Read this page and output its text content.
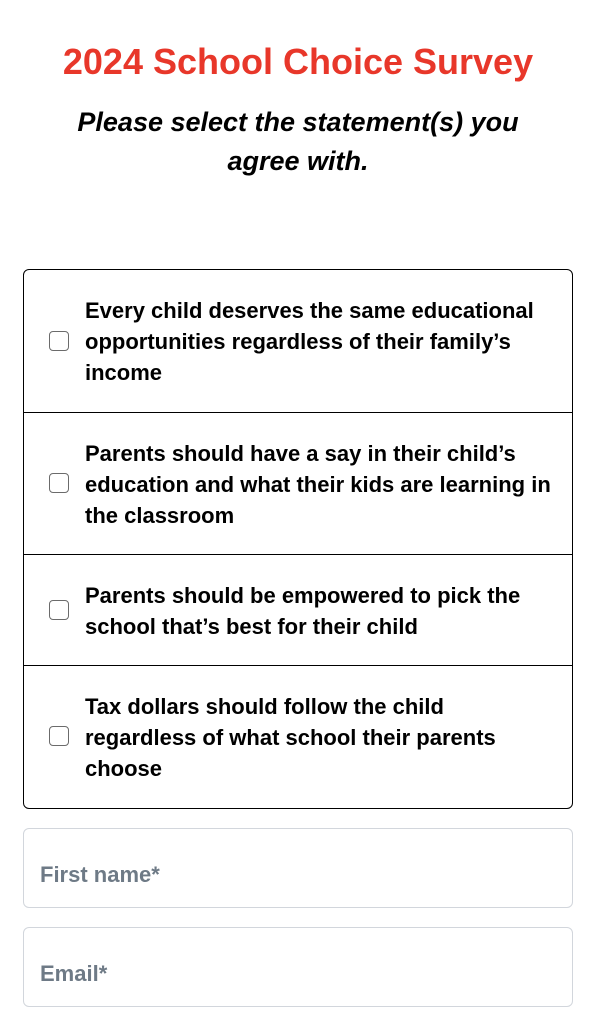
2024 School Choice Survey

Please select the statement(s) you agree with.

Every child deserves the same educational opportunities regardless of their family’s income
Parents should have a say in their child’s education and what their kids are learning in the classroom
Parents should be empowered to pick the school that’s best for their child
Tax dollars should follow the child regardless of what school their parents choose
First name*
Email*
